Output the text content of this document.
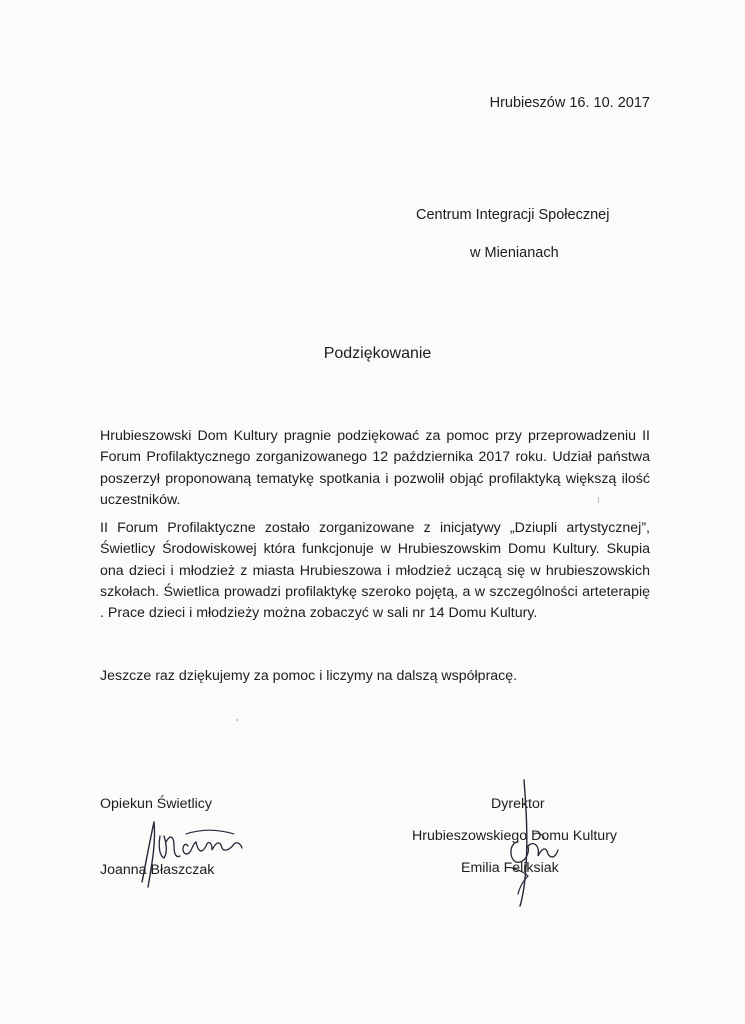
Hrubieszów 16. 10. 2017

Centrum Integracji Społecznej

w Mienianach

Podziękowanie

Hrubieszowski Dom Kultury pragnie podziękować za pomoc przy przeprowadzeniu II Forum Profilaktycznego zorganizowanego 12 października 2017 roku. Udział państwa poszerzył proponowaną tematykę spotkania i pozwolił objąć profilaktyką większą ilość uczestników.

II Forum Profilaktyczne zostało zorganizowane z inicjatywy „Dziupli artystycznej”, Świetlicy Środowiskowej która funkcjonuje w Hrubieszowskim Domu Kultury. Skupia ona dzieci i młodzież z miasta Hrubieszowa i młodzież uczącą się w hrubieszowskich szkołach. Świetlica prowadzi profilaktykę szeroko pojętą, a w szczególności arteterapię . Prace dzieci i młodzieży można zobaczyć w sali nr 14 Domu Kultury.

Jeszcze raz dziękujemy za pomoc i liczymy na dalszą współpracę.

Opiekun Świetlicy

Joanna Błaszczak

Dyrektor

Hrubieszowskiego Domu Kultury

Emilia Feliksiak
